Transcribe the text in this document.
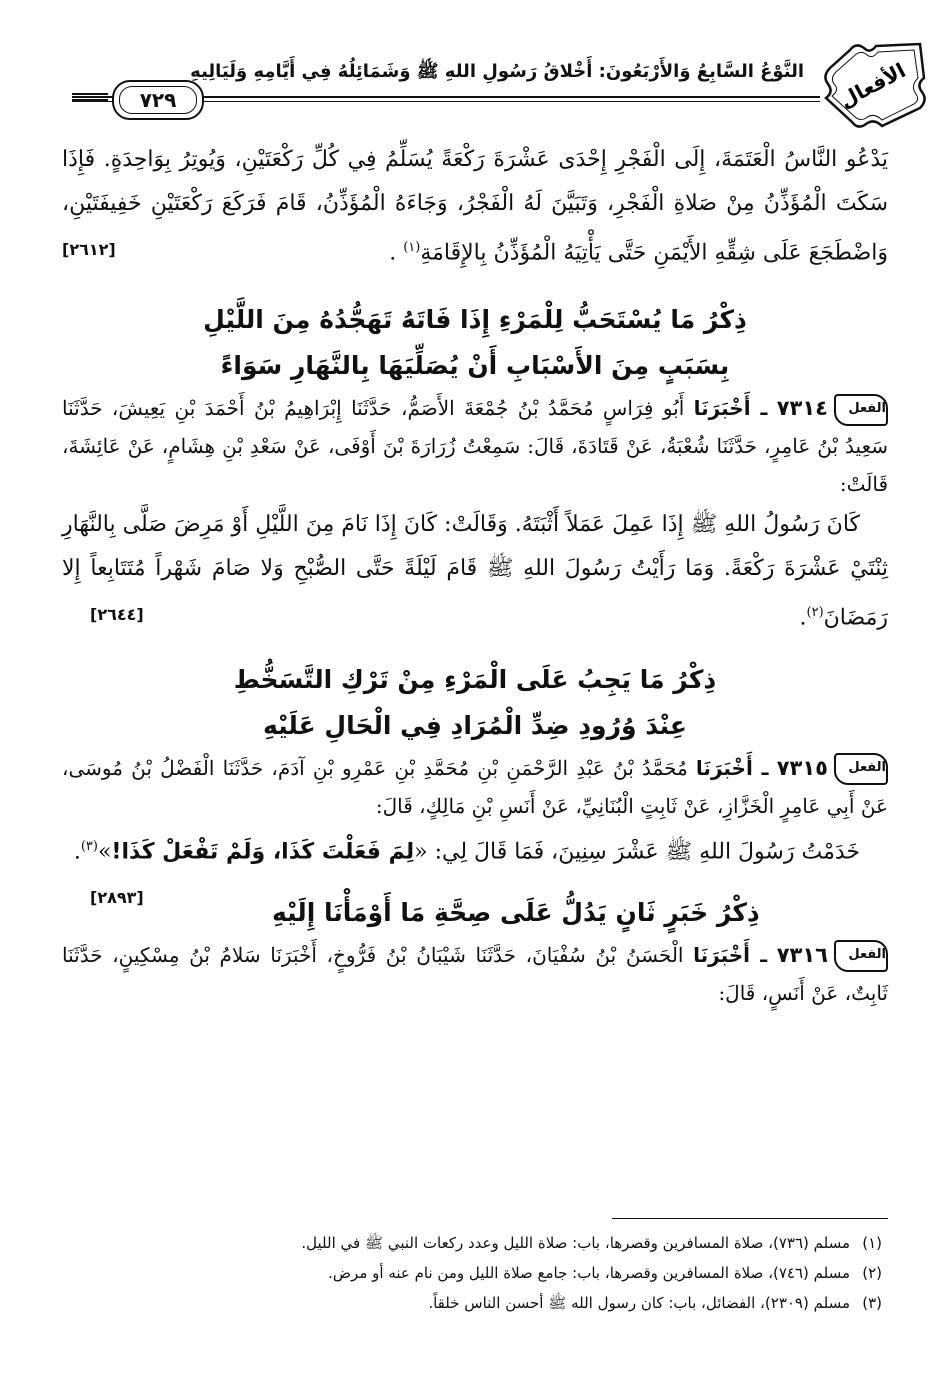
٧٢٩
النَّوْعُ السَّابِعُ وَالأَرْبَعُونَ: أَخْلاقُ رَسُولِ اللهِ ﷺ وَشَمَائِلُهُ فِي أَيَّامِهِ وَلَيَالِيهِ الأفعال

يَدْعُو النَّاسُ الْعَتَمَةَ، إِلَى الْفَجْرِ إِحْدَى عَشْرَةَ رَكْعَةً يُسَلِّمُ فِي كُلِّ رَكْعَتَيْنِ، وَيُوتِرُ بِوَاحِدَةٍ. فَإِذَا سَكَتَ الْمُؤَذِّنُ مِنْ صَلاةِ الْفَجْرِ، وَتَبَيَّنَ لَهُ الْفَجْرُ، وَجَاءَهُ الْمُؤَذِّنُ، قَامَ فَرَكَعَ رَكْعَتَيْنِ خَفِيفَتَيْنِ، وَاضْطَجَعَ عَلَى شِقِّهِ الأَيْمَنِ حَتَّى يَأْتِيَهُ الْمُؤَذِّنُ بِالإِقَامَةِ$^{(١)}$ .
[٢٦١٢]

ذِكْرُ مَا يُسْتَحَبُّ لِلْمَرْءِ إِذَا فَاتَهُ تَهَجُّدُهُ مِنَ اللَّيْلِ

بِسَبَبٍ مِنَ الأَسْبَابِ أَنْ يُصَلِّيَهَا بِالنَّهَارِ سَوَاءً

الفعل٧٣١٤ ـ أَخْبَرَنَا أَبُو فِرَاسٍ مُحَمَّدُ بْنُ جُمْعَةَ الأَصَمُّ، حَدَّثَنَا إِبْرَاهِيمُ بْنُ أَحْمَدَ بْنِ يَعِيشَ، حَدَّثَنَا سَعِيدُ بْنُ عَامِرٍ، حَدَّثَنَا شُعْبَةُ، عَنْ قَتَادَةَ، قَالَ: سَمِعْتُ زُرَارَةَ بْنَ أَوْفَى، عَنْ سَعْدِ بْنِ هِشَامٍ، عَنْ عَائِشَةَ، قَالَتْ:

كَانَ رَسُولُ اللهِ ﷺ إِذَا عَمِلَ عَمَلاً أَثْبَتَهُ. وَقَالَتْ: كَانَ إِذَا نَامَ مِنَ اللَّيْلِ أَوْ مَرِضَ صَلَّى بِالنَّهَارِ ثِنْتَيْ عَشْرَةَ رَكْعَةً. وَمَا رَأَيْتُ رَسُولَ اللهِ ﷺ قَامَ لَيْلَةً حَتَّى الصُّبْحِ وَلا صَامَ شَهْراً مُتَتَابِعاً إِلا رَمَضَانَ$^{(٢)}$.
[٢٦٤٤]

ذِكْرُ مَا يَجِبُ عَلَى الْمَرْءِ مِنْ تَرْكِ التَّسَخُّطِ

عِنْدَ وُرُودِ ضِدِّ الْمُرَادِ فِي الْحَالِ عَلَيْهِ

الفعل٧٣١٥ ـ أَخْبَرَنَا مُحَمَّدُ بْنُ عَبْدِ الرَّحْمَنِ بْنِ مُحَمَّدِ بْنِ عَمْرِو بْنِ آدَمَ، حَدَّثَنَا الْفَضْلُ بْنُ مُوسَى، عَنْ أَبِي عَامِرٍ الْخَزَّازِ، عَنْ ثَابِتٍ الْبُنَانِيِّ، عَنْ أَنَسِ بْنِ مَالِكٍ، قَالَ:

خَدَمْتُ رَسُولَ اللهِ ﷺ عَشْرَ سِنِينَ، فَمَا قَالَ لِي: «لِمَ فَعَلْتَ كَذَا، وَلَمْ تَفْعَلْ كَذَا!»$^{(٣)}$.
[٢٨٩٣]

ذِكْرُ خَبَرٍ ثَانٍ يَدُلُّ عَلَى صِحَّةِ مَا أَوْمَأْنَا إِلَيْهِ

الفعل٧٣١٦ ـ أَخْبَرَنَا الْحَسَنُ بْنُ سُفْيَانَ، حَدَّثَنَا شَيْبَانُ بْنُ فَرُّوخٍ، أَخْبَرَنَا سَلامُ بْنُ مِسْكِينٍ، حَدَّثَنَا ثَابِتٌ، عَنْ أَنَسٍ، قَالَ:

(١)مسلم (٧٣٦)، صلاة المسافرين وقصرها، باب: صلاة الليل وعدد ركعات النبي ﷺ في الليل.

(٢)مسلم (٧٤٦)، صلاة المسافرين وقصرها، باب: جامع صلاة الليل ومن نام عنه أو مرض.

(٣)مسلم (٢٣٠٩)، الفضائل، باب: كان رسول الله ﷺ أحسن الناس خلقاً.
